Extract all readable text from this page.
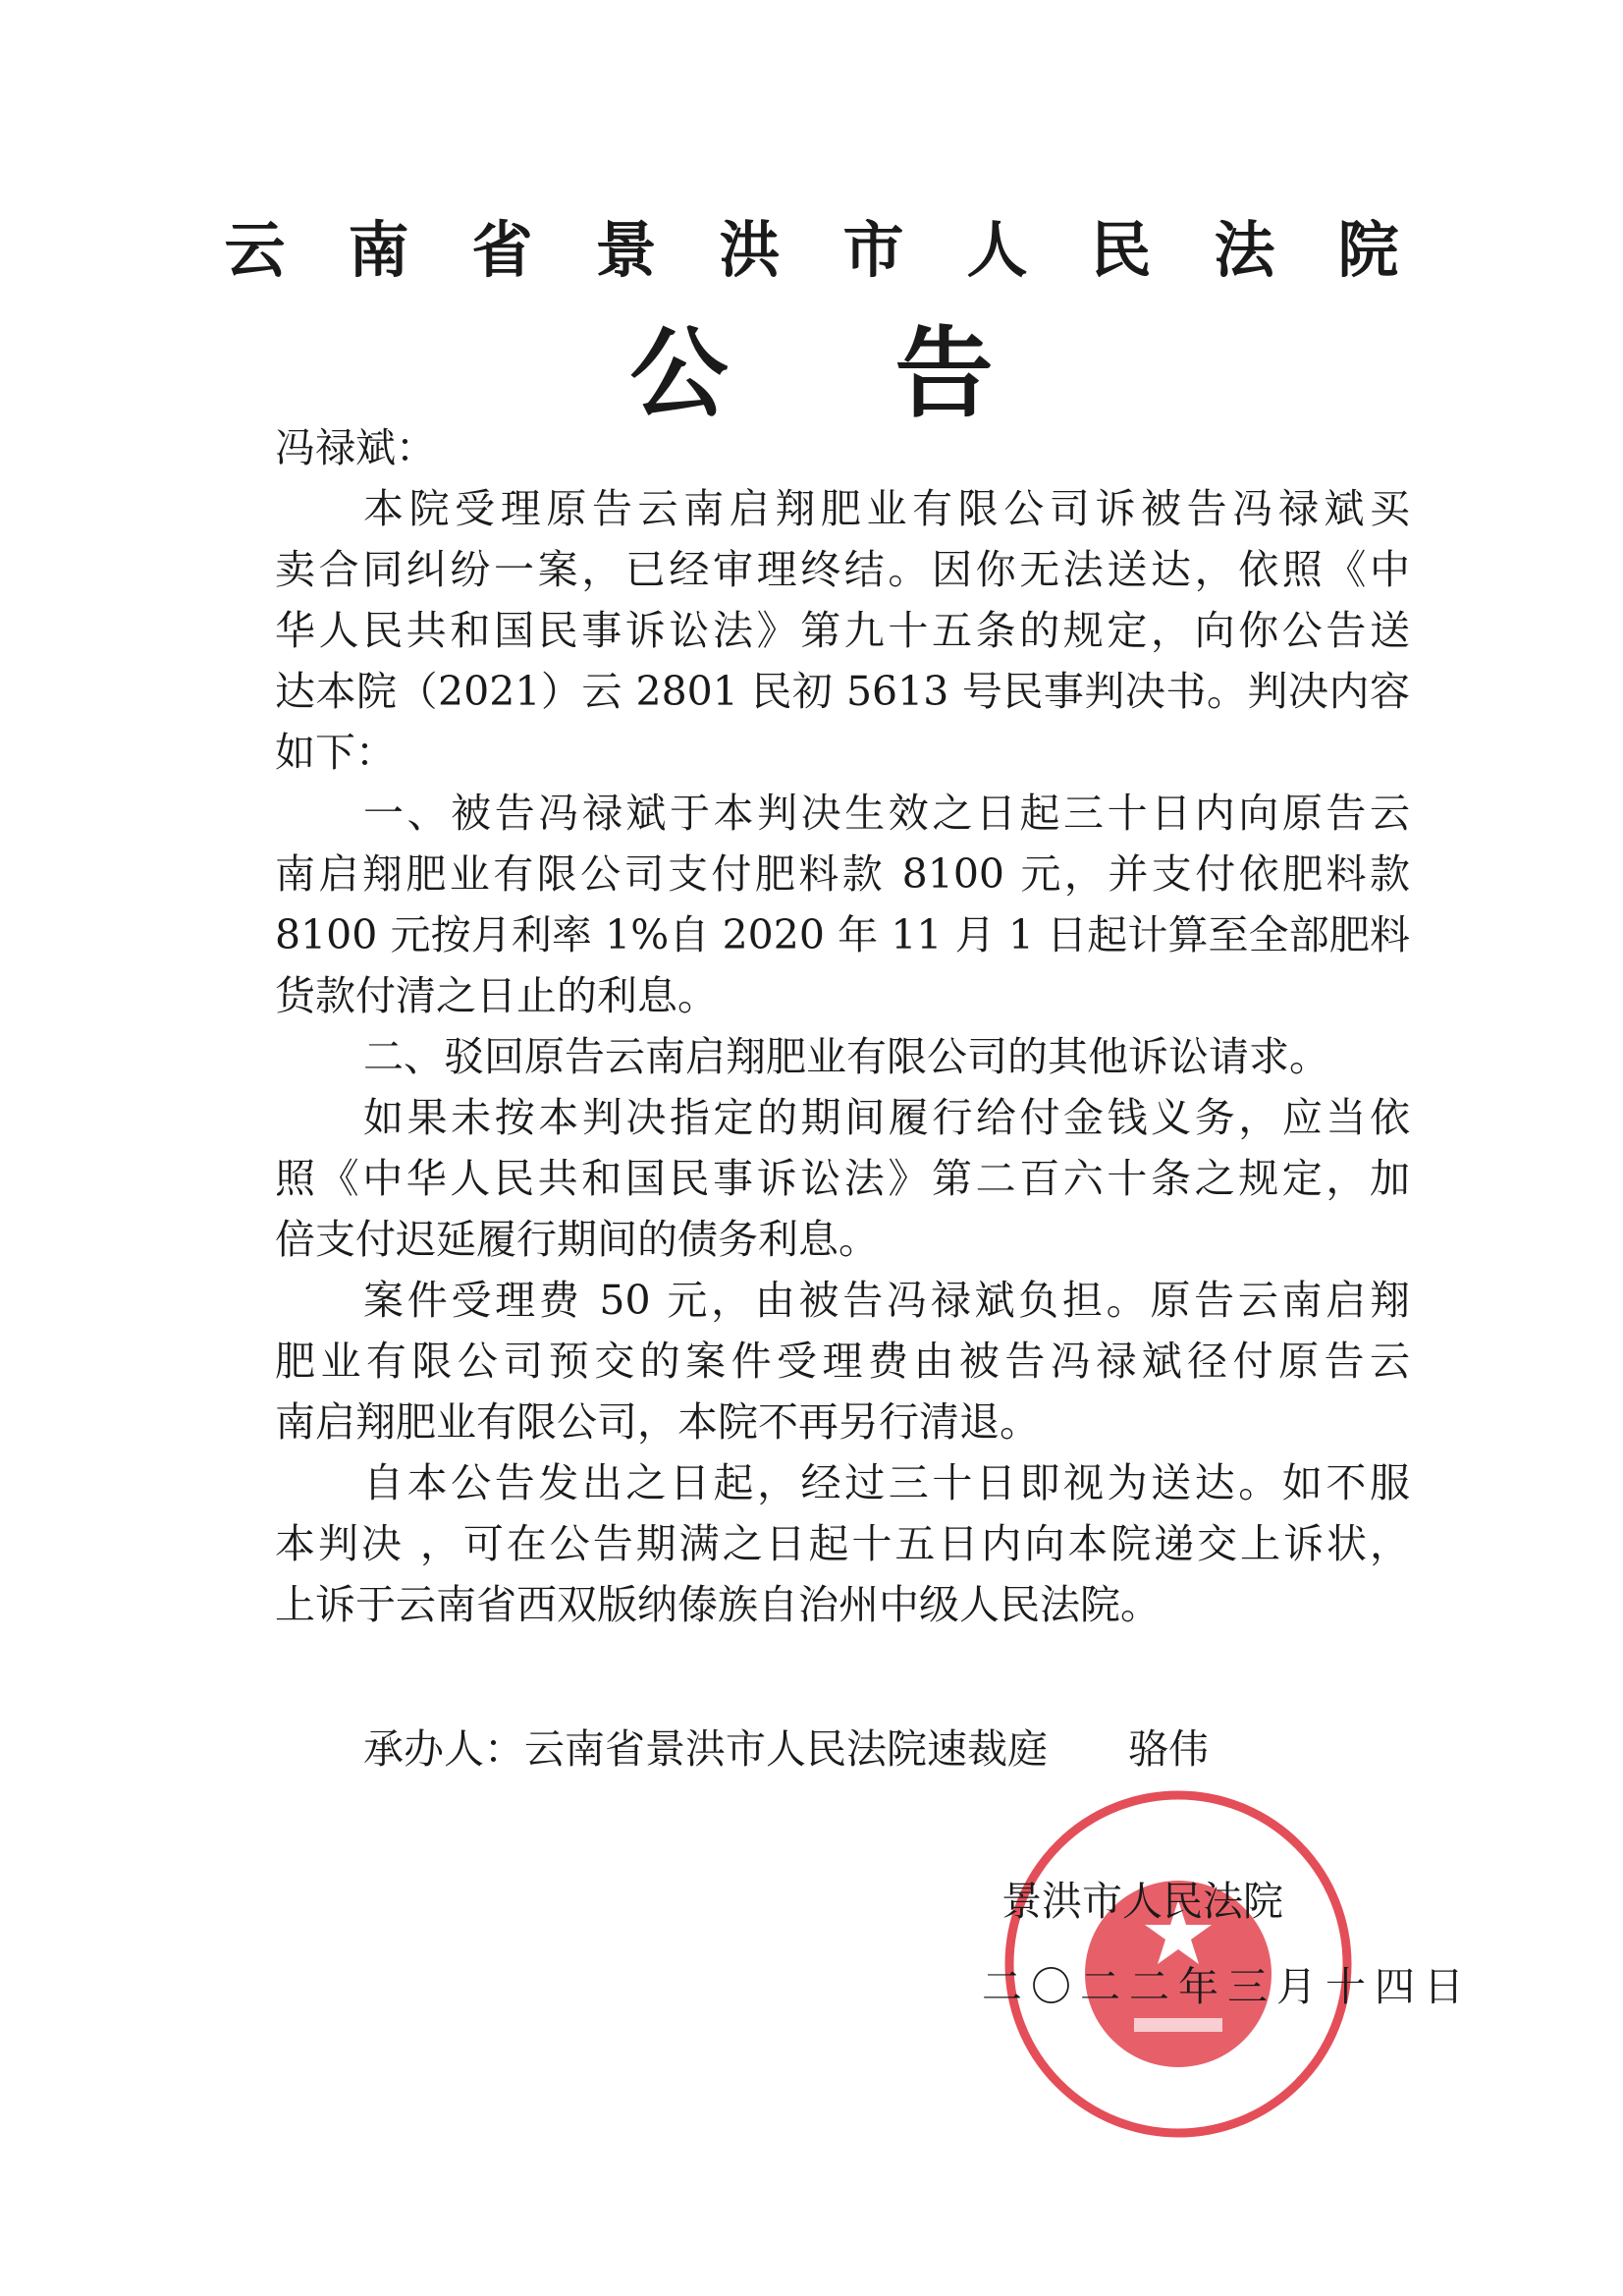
云南省景洪市人民法院
公告
冯禄斌：
本院受理原告云南启翔肥业有限公司诉被告冯禄斌买
卖合同纠纷一案，已经审理终结。因你无法送达，依照《中
华人民共和国民事诉讼法》第九十五条的规定，向你公告送
达本院（2021）云 2801 民初 5613 号民事判决书。判决内容
如下：
一、被告冯禄斌于本判决生效之日起三十日内向原告云
南启翔肥业有限公司支付肥料款 8100 元，并支付依肥料款
8100 元按月利率 1%自 2020 年 11 月 1 日起计算至全部肥料
货款付清之日止的利息。
二、驳回原告云南启翔肥业有限公司的其他诉讼请求。
如果未按本判决指定的期间履行给付金钱义务，应当依
照《中华人民共和国民事诉讼法》第二百六十条之规定，加
倍支付迟延履行期间的债务利息。
案件受理费 50 元，由被告冯禄斌负担。原告云南启翔
肥业有限公司预交的案件受理费由被告冯禄斌径付原告云
南启翔肥业有限公司，本院不再另行清退。
自本公告发出之日起，经过三十日即视为送达。如不服
本判决 ，可在公告期满之日起十五日内向本院递交上诉状，
上诉于云南省西双版纳傣族自治州中级人民法院。
承办人：云南省景洪市人民法院速裁庭　　骆伟
景洪市人民法院
二〇二二年三月十四日
